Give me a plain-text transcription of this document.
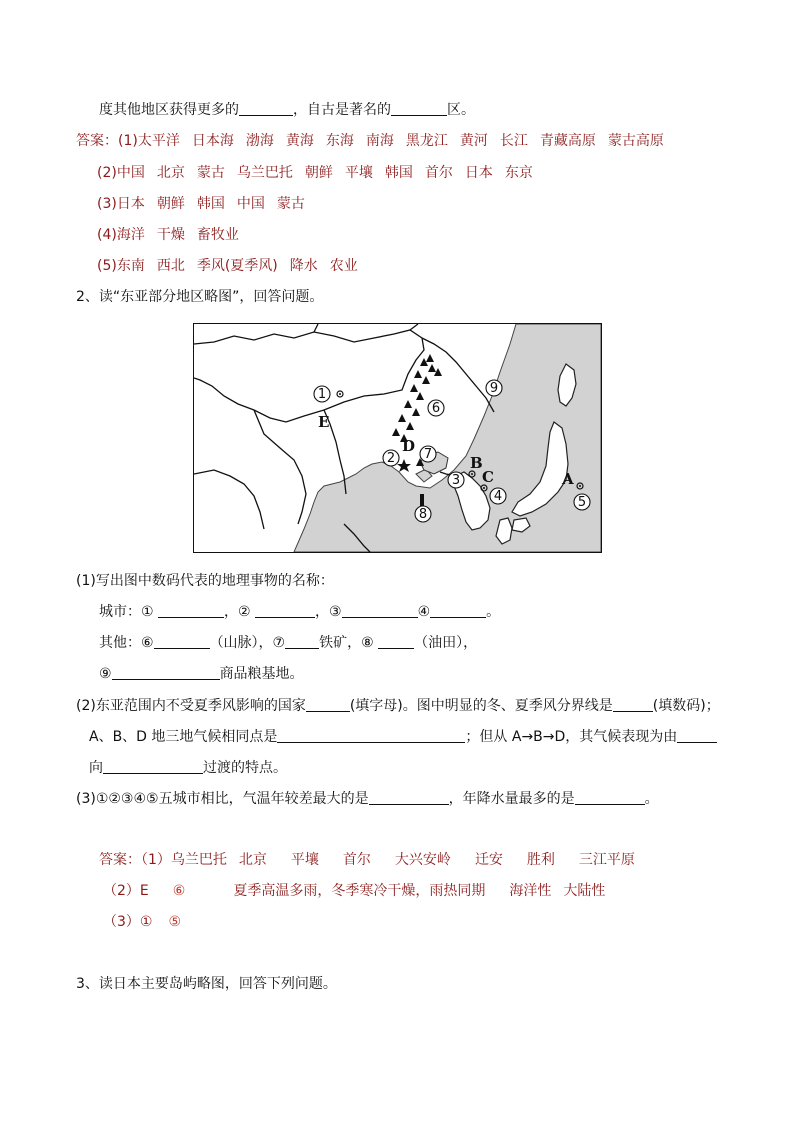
度其他地区获得更多的	，自古是著名的	区。
答案：(1)太平洋 日本海 渤海 黄海 东海 南海 黑龙江 黄河 长江 青藏高原 蒙古高原
(2)中国 北京 蒙古 乌兰巴托 朝鲜 平壤 韩国 首尔 日本 东京
(3)日本 朝鲜 韩国 中国 蒙古
(4)海洋 干燥 畜牧业
(5)东南 西北 季风(夏季风) 降水 农业
2、读“东亚部分地区略图”，回答问题。
1
2
3
4	5
6
7
8
9
E
D
B
C	A
(1)写出图中数码代表的地理事物的名称：
城市：①	，②	，③	④	。
其他：⑥	（山脉），⑦ 铁矿，⑧	（油田），
⑨	商品粮基地。
(2)东亚范围内不受夏季风影响的国家	(填字母)。图中明显的冬、夏季风分界线是	(填数码)；
A、B、D 地三地气候相同点是	；但从 A→B→D，其气候表现为由
向	过渡的特点。
(3)①②③④⑤五城市相比，气温年较差最大的是	，年降水量最多的是	。
答案：（1）乌兰巴托 北京 平壤 首尔 大兴安岭 迁安 胜利 三江平原
（2）E ⑥	夏季高温多雨，冬季寒冷干燥，雨热同期 海洋性 大陆性
（3）① ⑤
3、读日本主要岛屿略图，回答下列问题。
